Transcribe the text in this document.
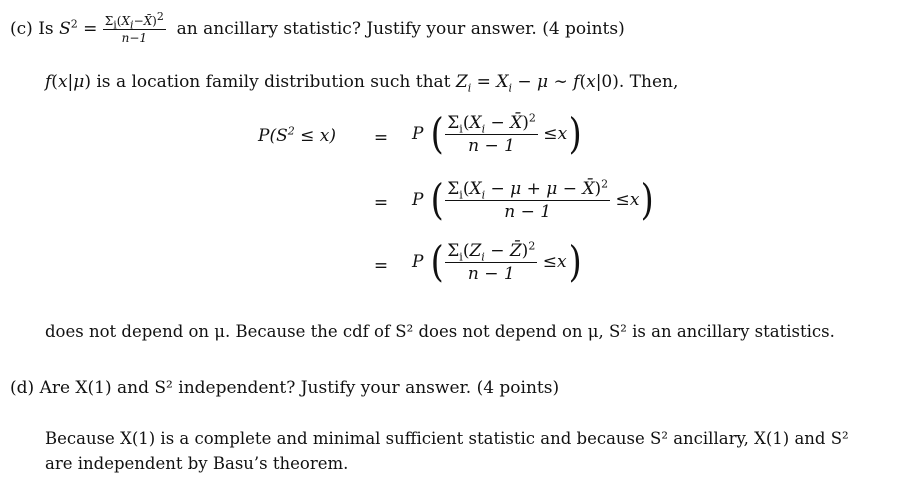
(c) Is $S^2 = \frac{\Sigma_i(X_i-X̄)^2}{n-1}$ an ancillary statistic? Justify your answer. (4 points)
f(x|μ) is a location family distribution such that $Z_i = X_i - \mu$ ∼ f(x|0). Then,
$P(S^2 \le x) = P$
( $\frac{\Sigma_i(X_i - X̄)^2}{n - 1} \le x$ )
= P
( $\frac{\Sigma_i(X_i - \mu + \mu - X̄)^2}{n - 1} \le x$ )
= P
( $\frac{\Sigma_i(Z_i - Z̄)^2}{n - 1} \le x$ )
does not depend on μ. Because the cdf of S² does not depend on μ, S² is an ancillary statistics.
(d) Are X(1) and S² independent? Justify your answer. (4 points)
Because X(1) is a complete and minimal sufficient statistic and because S² ancillary, X(1) and S²
are independent by Basu’s theorem.
